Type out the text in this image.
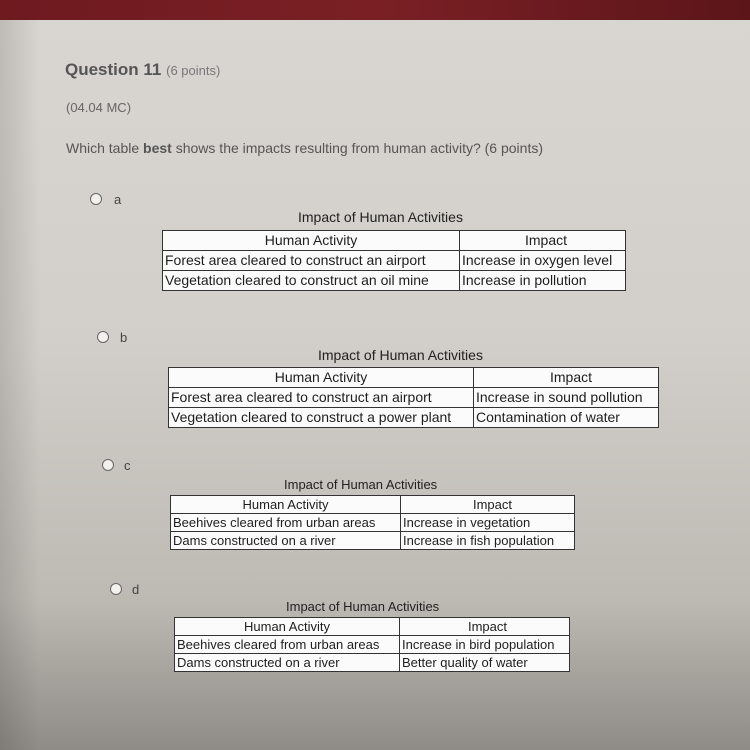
Question 11 (6 points)
(04.04 MC)
Which table best shows the impacts resulting from human activity? (6 points)
a
Impact of Human Activities
Human Activity	Impact
Forest area cleared to construct an airport	Increase in oxygen level
Vegetation cleared to construct an oil mine	Increase in pollution
b
Impact of Human Activities
Human Activity	Impact
Forest area cleared to construct an airport	Increase in sound pollution
Vegetation cleared to construct a power plant	Contamination of water
c
Impact of Human Activities
Human Activity	Impact
Beehives cleared from urban areas	Increase in vegetation
Dams constructed on a river	Increase in fish population
d
Impact of Human Activities
Human Activity	Impact
Beehives cleared from urban areas	Increase in bird population
Dams constructed on a river	Better quality of water
